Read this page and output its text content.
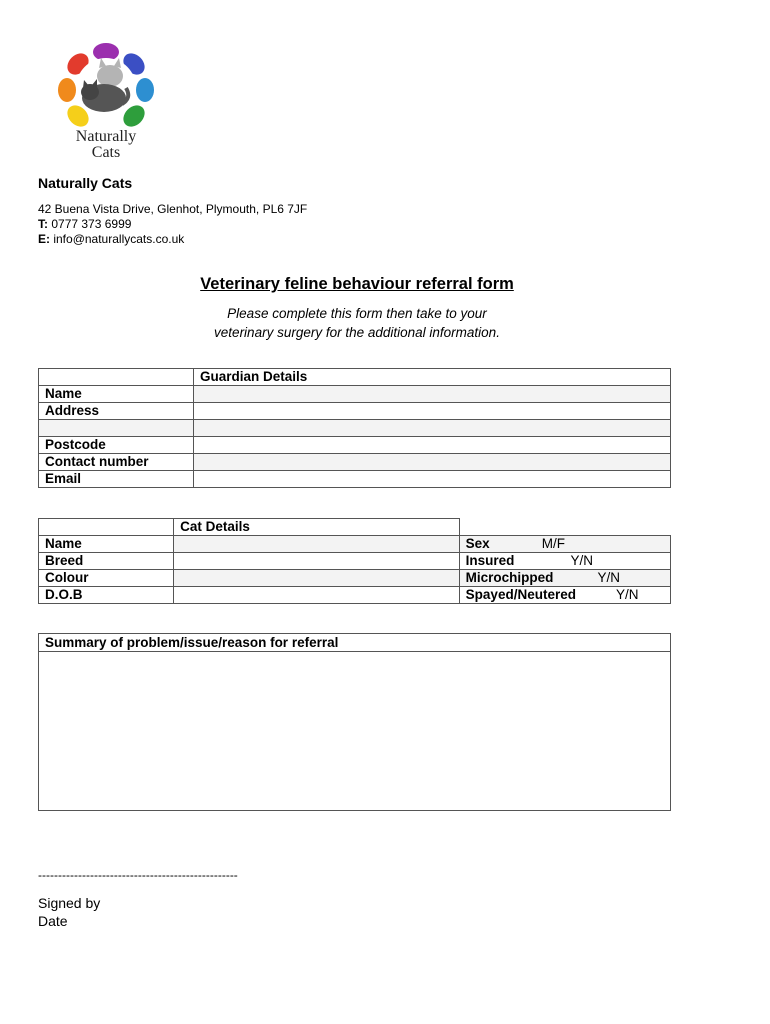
Naturally
Cats
Naturally Cats
42 Buena Vista Drive, Glenhot, Plymouth, PL6 7JF
T: 0777 373 6999
E: info@naturallycats.co.uk
Veterinary feline behaviour referral form
Please complete this form then take to your
veterinary surgery for the additional information.
	Guardian Details
Name	
Address	

Postcode	
Contact number	
Email	
	Cat Details	
Name		Sex M/F
Breed		Insured Y/N
Colour		Microchipped Y/N
D.O.B		Spayed/Neutered Y/N
Summary of problem/issue/reason for referral
--------------------------------------------------
Signed by
Date
